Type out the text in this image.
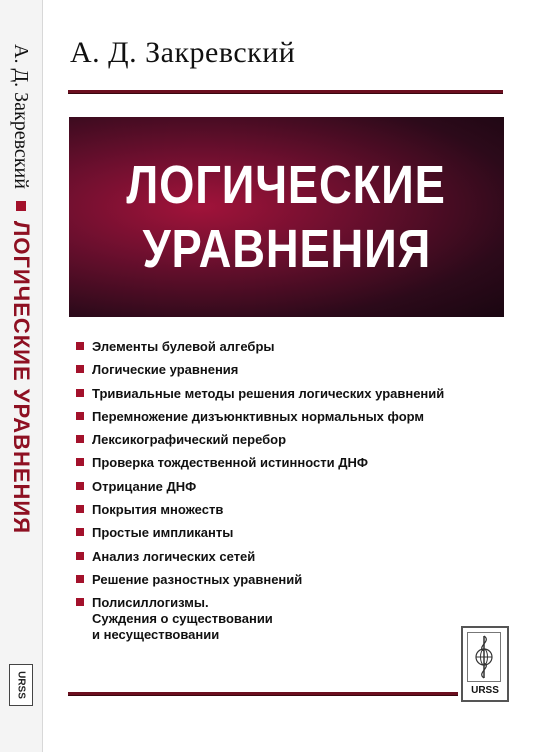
А. Д. Закревский
ЛОГИЧЕСКИЕ УРАВНЕНИЯ
URSS
А. Д. Закревский
ЛОГИЧЕСКИЕ
УРАВНЕНИЯ
Элементы булевой алгебры
Логические уравнения
Тривиальные методы решения логических уравнений
Перемножение дизъюнктивных нормальных форм
Лексикографический перебор
Проверка тождественной истинности ДНФ
Отрицание ДНФ
Покрытия множеств
Простые импликанты
Анализ логических сетей
Решение разностных уравнений
Полисиллогизмы.
Суждения о существовании
и несуществовании
URSS
